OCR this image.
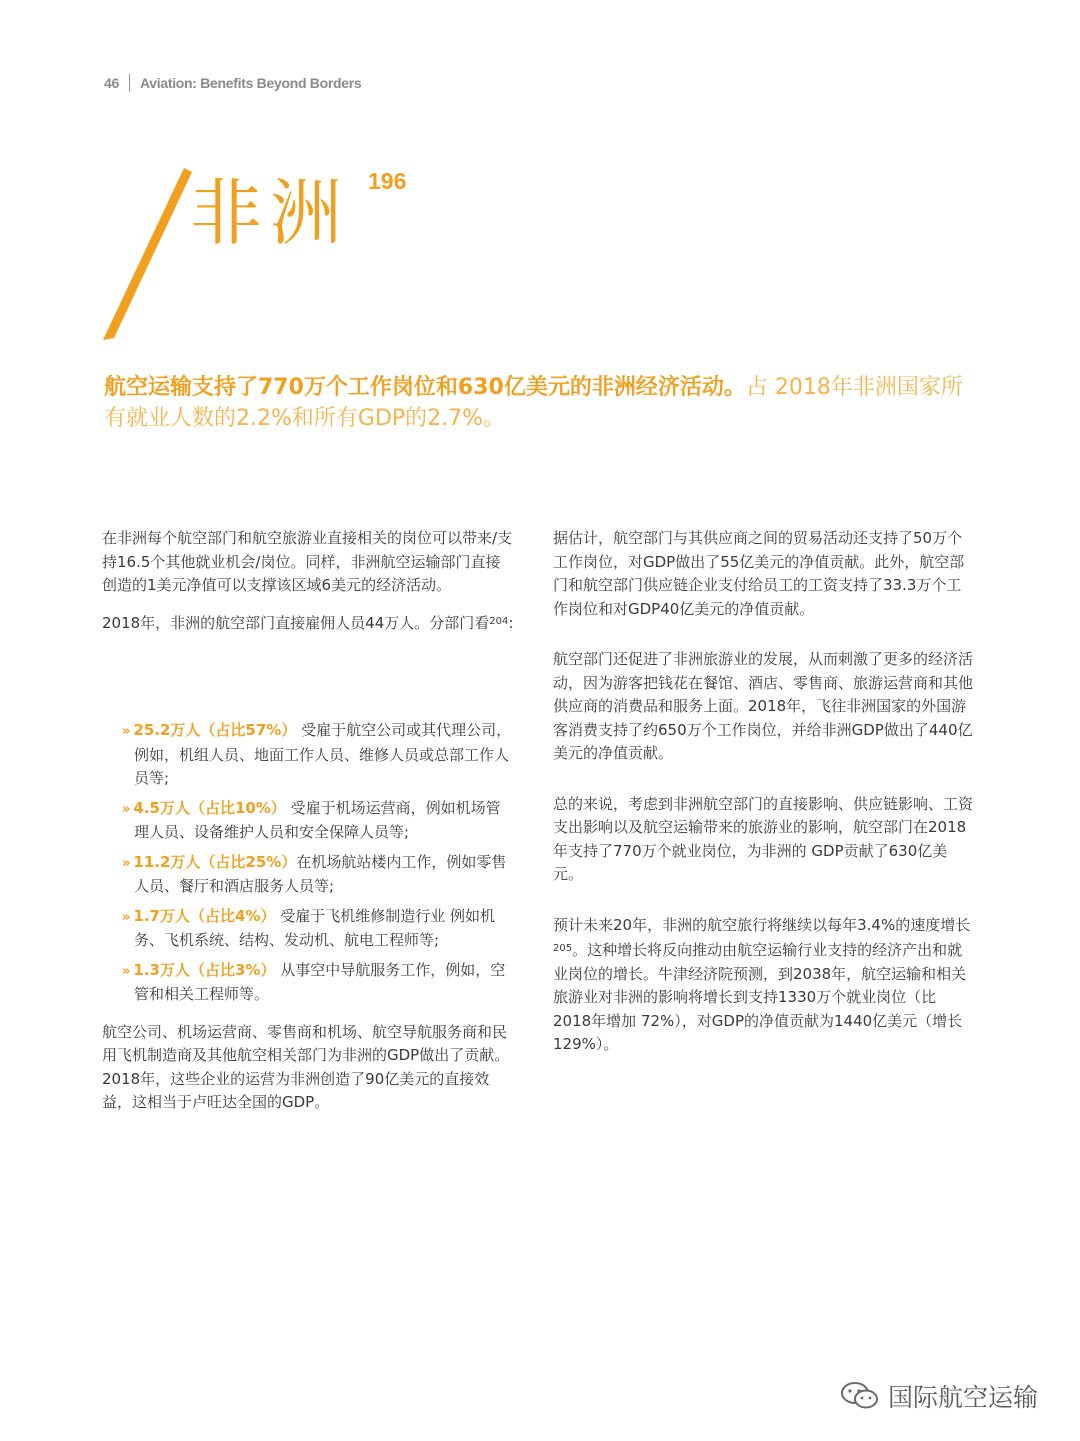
46 Aviation: Benefits Beyond Borders
非洲 196
航空运输支持了770万个工作岗位和630亿美元的非洲经济活动。占 2018年非洲国家所有就业人数的2.2%和所有GDP的2.7%。

在非洲每个航空部门和航空旅游业直接相关的岗位可以带来/支持16.5个其他就业机会/岗位。同样，非洲航空运输部门直接创造的1美元净值可以支撑该区域6美元的经济活动。

2018年，非洲的航空部门直接雇佣人员44万人。分部门看$^{204}$:

» 25.2万人（占比57%） 受雇于航空公司或其代理公司，例如，机组人员、地面工作人员、维修人员或总部工作人员等;
» 4.5万人（占比10%） 受雇于机场运营商，例如机场管理人员、设备维护人员和安全保障人员等;
» 11.2万人（占比25%）在机场航站楼内工作，例如零售人员、餐厅和酒店服务人员等;
» 1.7万人（占比4%） 受雇于飞机维修制造行业 例如机务、飞机系统、结构、发动机、航电工程师等;
» 1.3万人（占比3%） 从事空中导航服务工作，例如，空管和相关工程师等。

航空公司、机场运营商、零售商和机场、航空导航服务商和民用飞机制造商及其他航空相关部门为非洲的GDP做出了贡献。2018年，这些企业的运营为非洲创造了90亿美元的直接效益，这相当于卢旺达全国的GDP。

据估计，航空部门与其供应商之间的贸易活动还支持了50万个工作岗位，对GDP做出了55亿美元的净值贡献。此外，航空部门和航空部门供应链企业支付给员工的工资支持了33.3万个工作岗位和对GDP40亿美元的净值贡献。

航空部门还促进了非洲旅游业的发展，从而刺激了更多的经济活动，因为游客把钱花在餐馆、酒店、零售商、旅游运营商和其他供应商的消费品和服务上面。2018年，飞往非洲国家的外国游客消费支持了约650万个工作岗位，并给非洲GDP做出了440亿美元的净值贡献。

总的来说，考虑到非洲航空部门的直接影响、供应链影响、工资支出影响以及航空运输带来的旅游业的影响，航空部门在2018年支持了770万个就业岗位，为非洲的 GDP贡献了630亿美元。

预计未来20年，非洲的航空旅行将继续以每年3.4%的速度增长$^{205}$。这种增长将反向推动由航空运输行业支持的经济产出和就业岗位的增长。牛津经济院预测，到2038年，航空运输和相关旅游业对非洲的影响将增长到支持1330万个就业岗位（比2018年增加 72%），对GDP的净值贡献为1440亿美元（增长129%）。

国际航空运输
